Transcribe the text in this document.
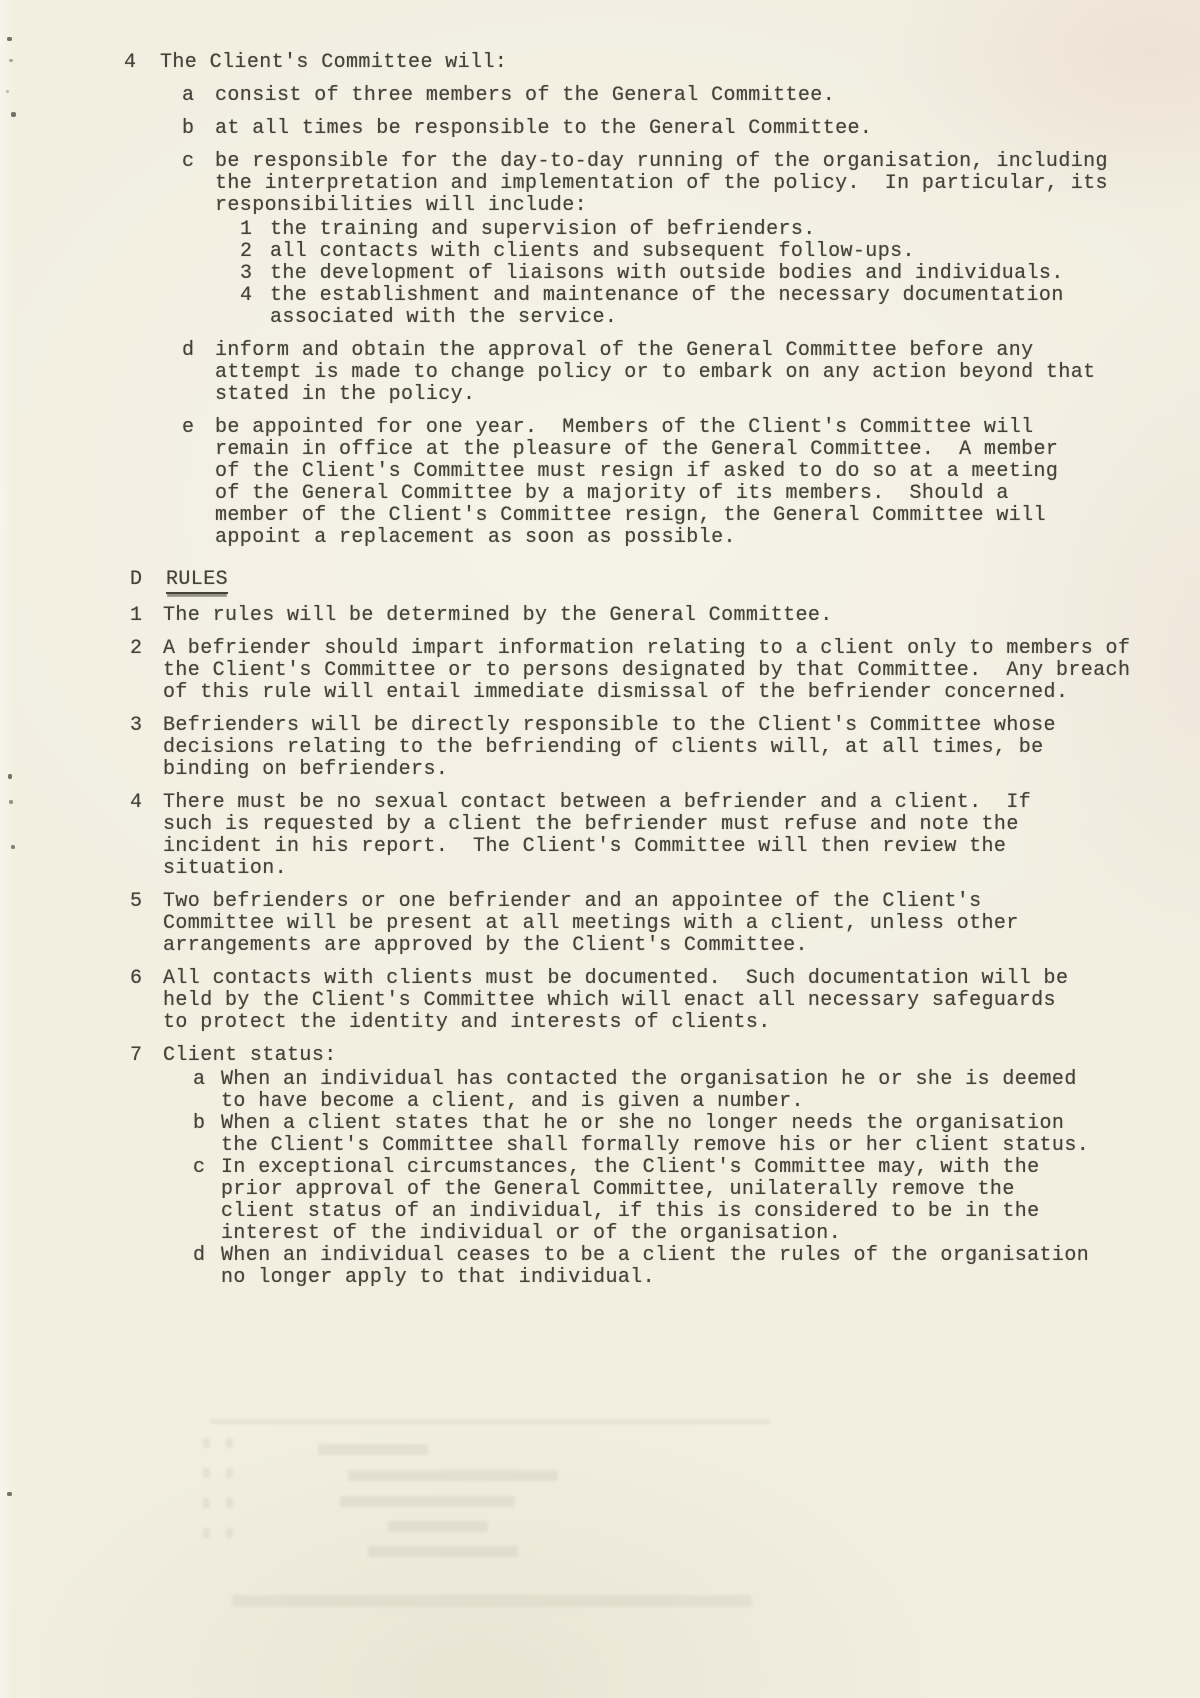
4	The Client's Committee will:

a	consist of three members of the General Committee.

b	at all times be responsible to the General Committee.

c	be responsible for the day-to-day running of the organisation, including the interpretation and implementation of the policy.  In particular, its responsibilities will include:

1 the training and supervision of befrienders.

2 all contacts with clients and subsequent follow-ups.

3 the development of liaisons with outside bodies and individuals.

4 the establishment and maintenance of the necessary documentation associated with the service.

d	inform and obtain the approval of the General Committee before any attempt is made to change policy or to embark on any action beyond that stated in the policy.

e	be appointed for one year.  Members of the Client's Committee will remain in office at the pleasure of the General Committee.  A member of the Client's Committee must resign if asked to do so at a meeting of the General Committee by a majority of its members.  Should a member of the Client's Committee resign, the General Committee will appoint a replacement as soon as possible.

D	RULES

1	The rules will be determined by the General Committee.

2	A befriender should impart information relating to a client only to members of the Client's Committee or to persons designated by that Committee.  Any breach of this rule will entail immediate dismissal of the befriender concerned.

3	Befrienders will be directly responsible to the Client's Committee whose decisions relating to the befriending of clients will, at all times, be binding on befrienders.

4	There must be no sexual contact between a befriender and a client.  If such is requested by a client the befriender must refuse and note the incident in his report.  The Client's Committee will then review the situation.

5	Two befrienders or one befriender and an appointee of the Client's Committee will be present at all meetings with a client, unless other arrangements are approved by the Client's Committee.

6	All contacts with clients must be documented.  Such documentation will be held by the Client's Committee which will enact all necessary safeguards to protect the identity and interests of clients.

7	Client status:

a When an individual has contacted the organisation he or she is deemed to have become a client, and is given a number.

b When a client states that he or she no longer needs the organisation the Client's Committee shall formally remove his or her client status.

c In exceptional circumstances, the Client's Committee may, with the prior approval of the General Committee, unilaterally remove the client status of an individual, if this is considered to be in the interest of the individual or of the organisation.

d When an individual ceases to be a client the rules of the organisation no longer apply to that individual.
